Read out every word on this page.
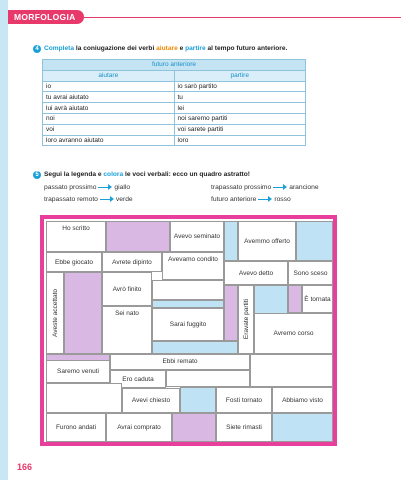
MORFOLOGIA
4 Completa la coniugazione dei verbi aiutare e partire al tempo futuro anteriore.
futuro anteriore	
aiutare	partire
io	io sarò partito
tu avrai aiutato	tu
lui avrà aiutato	lei
noi	noi saremo partiti
voi	voi sarete partiti
loro avranno aiutato	loro
5 Segui la legenda e colora le voci verbali: ecco un quadro astratto!
passato prossimo	giallo	trapassato prossimo	arancione
trapassato remoto	verde	futuro anteriore	rosso
Ho scritto
Avevo seminato
Avemmo offerto
Ebbe giocato	Avrete dipinto	Avevamo condito
Avevo detto	Sono sceso
Aveste accettato
Avrò finito
Eravate partiti
È tornata
Sei nato
Sarai fuggito
Avremo corso
Ebbi remato
Saremo venuti
Ero caduta
Avevi chiesto	Fosti tornato	Abbiamo visto
Furono andati	Avrai comprato	Siete rimasti
166
